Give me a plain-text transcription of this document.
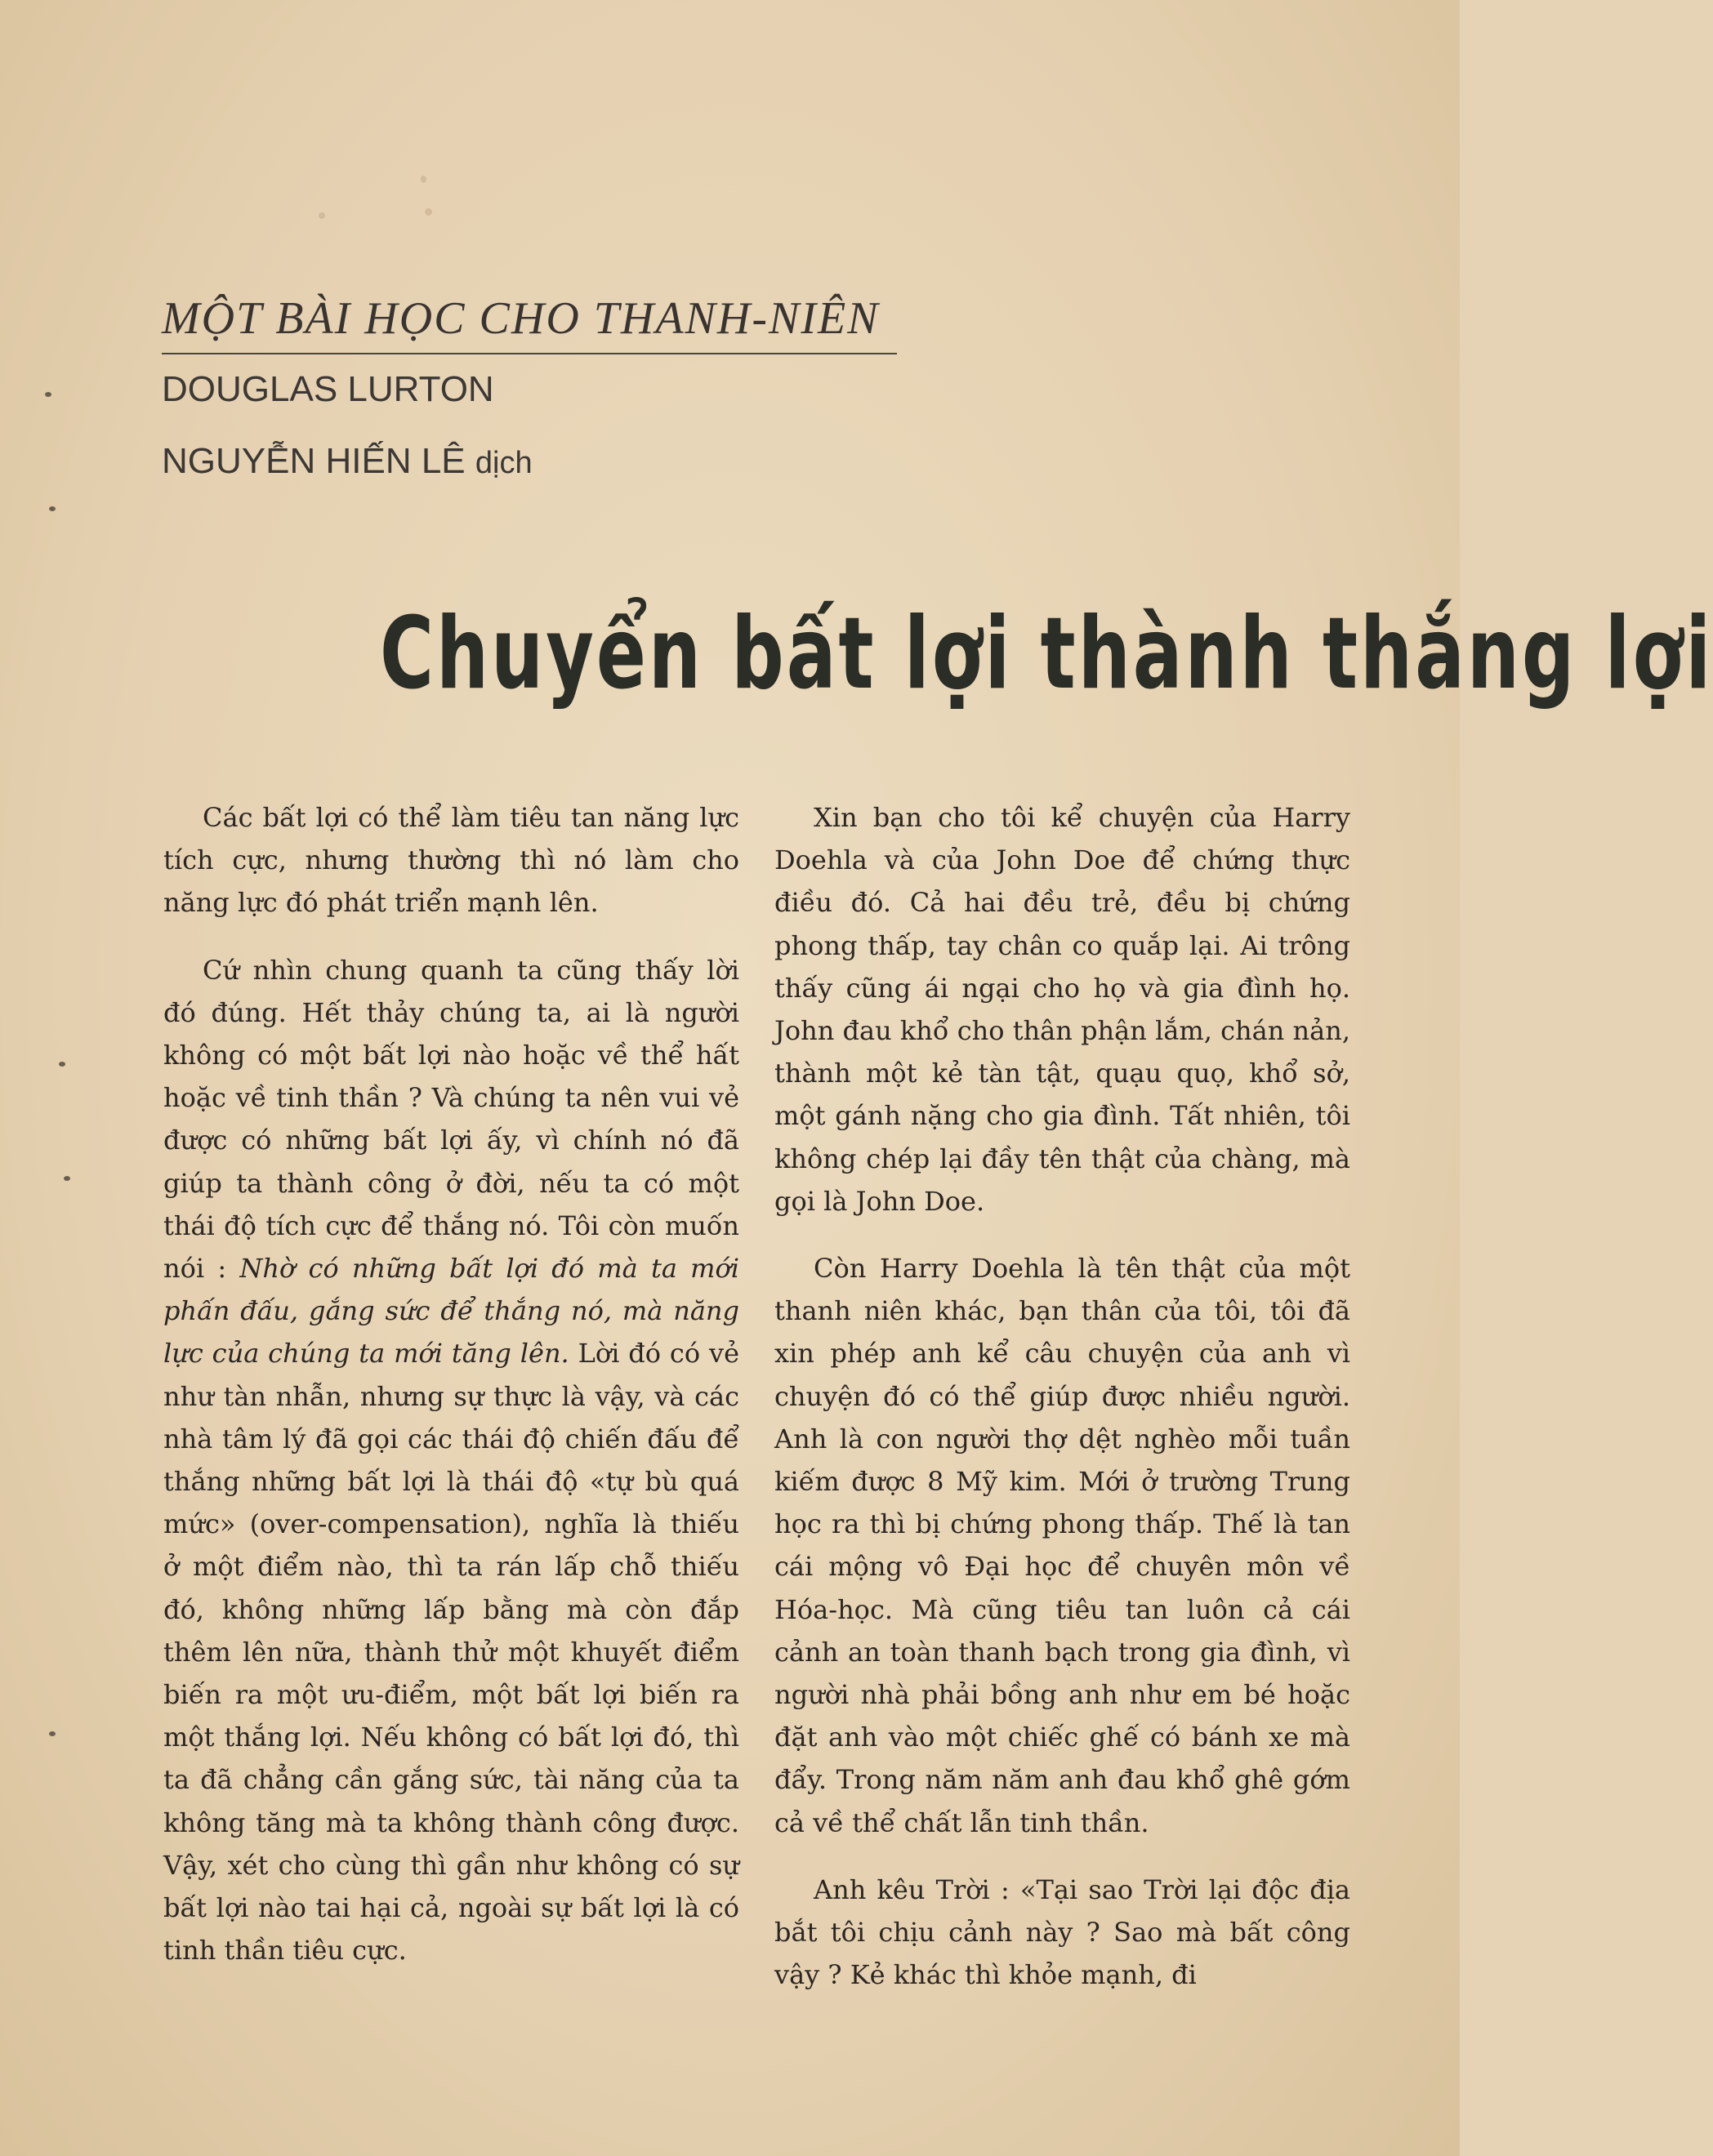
MỘT BÀI HỌC CHO THANH-NIÊN
DOUGLAS LURTON
NGUYỄN HIẾN LÊ dịch
Chuyển bất lợi thành thắng lợi

Các bất lợi có thể làm tiêu tan năng lực tích cực, nhưng thường thì nó làm cho năng lực đó phát triển mạnh lên.

Cứ nhìn chung quanh ta cũng thấy lời đó đúng. Hết thảy chúng ta, ai là người không có một bất lợi nào hoặc về thể hất hoặc về tinh thần ? Và chúng ta nên vui vẻ được có những bất lợi ấy, vì chính nó đã giúp ta thành công ở đời, nếu ta có một thái độ tích cực để thắng nó. Tôi còn muốn nói : Nhờ có những bất lợi đó mà ta mới phấn đấu, gắng sức để thắng nó, mà năng lực của chúng ta mới tăng lên. Lời đó có vẻ như tàn nhẫn, nhưng sự thực là vậy, và các nhà tâm lý đã gọi các thái độ chiến đấu để thắng những bất lợi là thái độ «tự bù quá mức» (over-compensation), nghĩa là thiếu ở một điểm nào, thì ta rán lấp chỗ thiếu đó, không những lấp bằng mà còn đắp thêm lên nữa, thành thử một khuyết điểm biến ra một ưu-điểm, một bất lợi biến ra một thắng lợi. Nếu không có bất lợi đó, thì ta đã chẳng cần gắng sức, tài năng của ta không tăng mà ta không thành công được. Vậy, xét cho cùng thì gần như không có sự bất lợi nào tai hại cả, ngoài sự bất lợi là có tinh thần tiêu cực.

Xin bạn cho tôi kể chuyện của Harry Doehla và của John Doe để chứng thực điều đó. Cả hai đều trẻ, đều bị chứng phong thấp, tay chân co quắp lại. Ai trông thấy cũng ái ngại cho họ và gia đình họ. John đau khổ cho thân phận lắm, chán nản, thành một kẻ tàn tật, quạu quọ, khổ sở, một gánh nặng cho gia đình. Tất nhiên, tôi không chép lại đầy tên thật của chàng, mà gọi là John Doe.

Còn Harry Doehla là tên thật của một thanh niên khác, bạn thân của tôi, tôi đã xin phép anh kể câu chuyện của anh vì chuyện đó có thể giúp được nhiều người. Anh là con người thợ dệt nghèo mỗi tuần kiếm được 8 Mỹ kim. Mới ở trường Trung học ra thì bị chứng phong thấp. Thế là tan cái mộng vô Đại học để chuyên môn về Hóa-học. Mà cũng tiêu tan luôn cả cái cảnh an toàn thanh bạch trong gia đình, vì người nhà phải bồng anh như em bé hoặc đặt anh vào một chiếc ghế có bánh xe mà đẩy. Trong năm năm anh đau khổ ghê gớm cả về thể chất lẫn tinh thần.

Anh kêu Trời : «Tại sao Trời lại độc địa bắt tôi chịu cảnh này ? Sao mà bất công vậy ? Kẻ khác thì khỏe mạnh, đi
